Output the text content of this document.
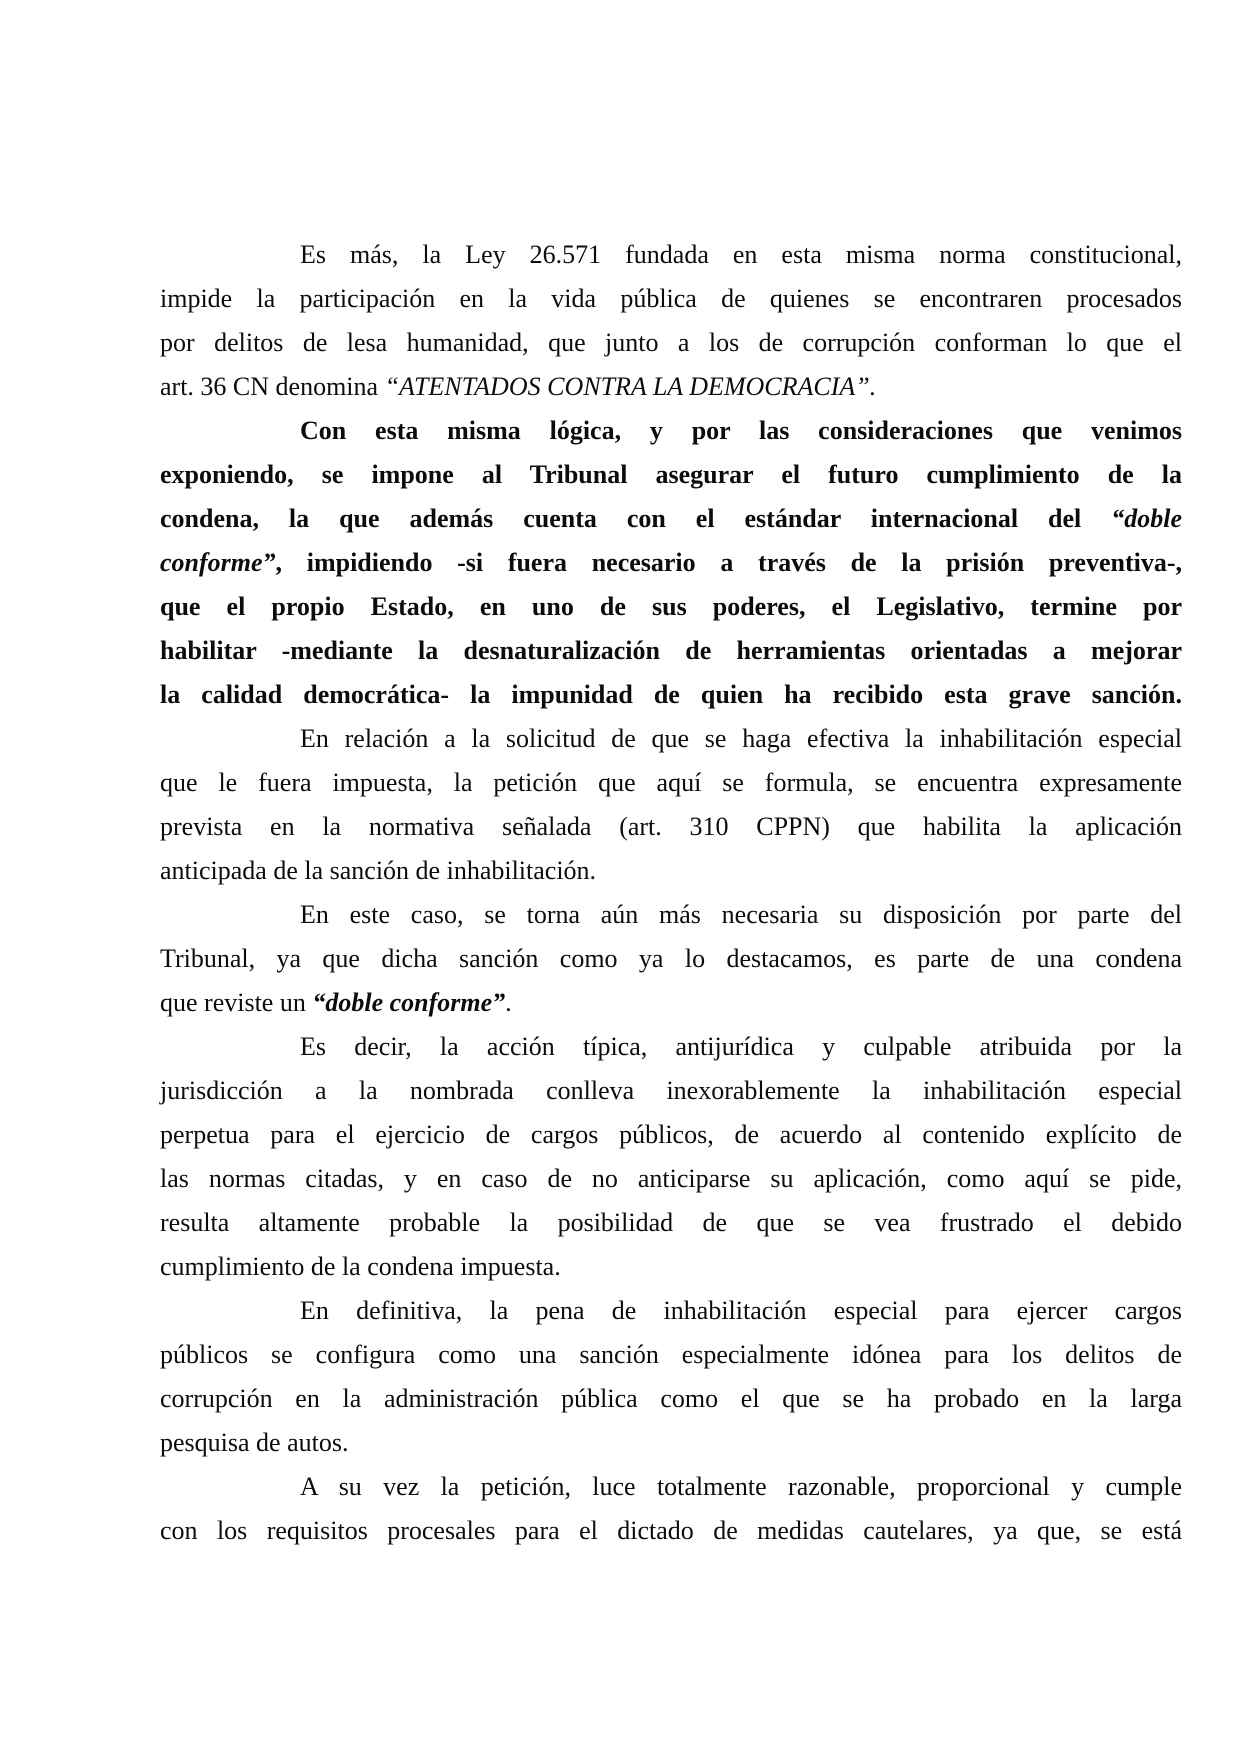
Es más, la Ley 26.571 fundada en esta misma norma constitucional,
impide la participación en la vida pública de quienes se encontraren procesados
por delitos de lesa humanidad, que junto a los de corrupción conforman lo que el
art. 36 CN denomina “ATENTADOS CONTRA LA DEMOCRACIA”.
Con esta misma lógica, y por las consideraciones que venimos
exponiendo, se impone al Tribunal asegurar el futuro cumplimiento de la
condena, la que además cuenta con el estándar internacional del “doble
conforme”, impidiendo -si fuera necesario a través de la prisión preventiva-,
que el propio Estado, en uno de sus poderes, el Legislativo, termine por
habilitar -mediante la desnaturalización de herramientas orientadas a mejorar
la calidad democrática- la impunidad de quien ha recibido esta grave sanción.
En relación a la solicitud de que se haga efectiva la inhabilitación especial
que le fuera impuesta, la petición que aquí se formula, se encuentra expresamente
prevista en la normativa señalada (art. 310 CPPN) que habilita la aplicación
anticipada de la sanción de inhabilitación.
En este caso, se torna aún más necesaria su disposición por parte del
Tribunal, ya que dicha sanción como ya lo destacamos, es parte de una condena
que reviste un “doble conforme”.
Es decir, la acción típica, antijurídica y culpable atribuida por la
jurisdicción a la nombrada conlleva inexorablemente la inhabilitación especial
perpetua para el ejercicio de cargos públicos, de acuerdo al contenido explícito de
las normas citadas, y en caso de no anticiparse su aplicación, como aquí se pide,
resulta altamente probable la posibilidad de que se vea frustrado el debido
cumplimiento de la condena impuesta.
En definitiva, la pena de inhabilitación especial para ejercer cargos
públicos se configura como una sanción especialmente idónea para los delitos de
corrupción en la administración pública como el que se ha probado en la larga
pesquisa de autos.
A su vez la petición, luce totalmente razonable, proporcional y cumple
con los requisitos procesales para el dictado de medidas cautelares, ya que, se está
